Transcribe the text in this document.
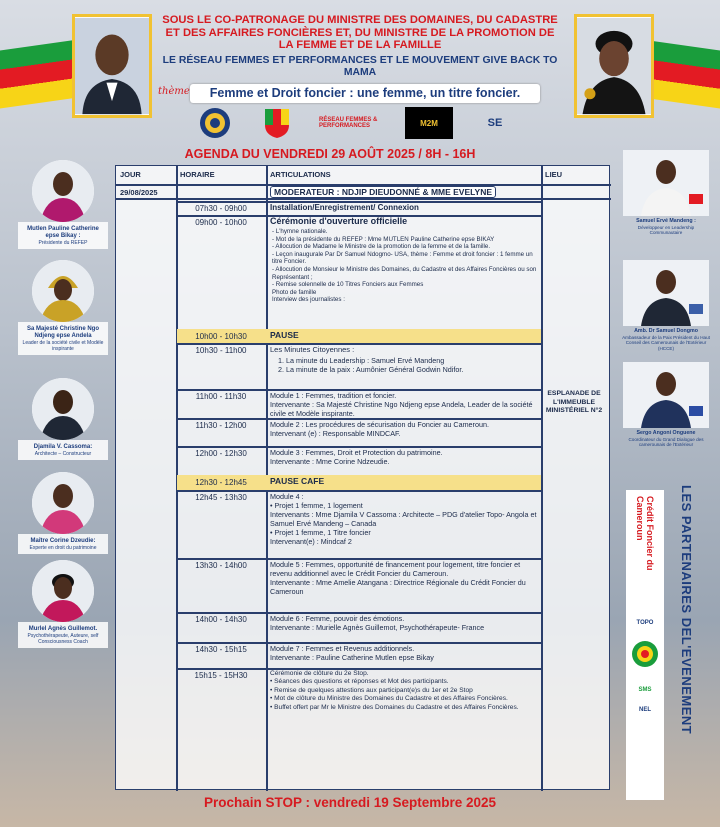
SOUS LE CO-PATRONAGE DU MINISTRE DES DOMAINES, DU CADASTRE ET DES AFFAIRES FONCIÈRES ET, DU MINISTRE DE LA PROMOTION DE LA FEMME ET DE LA FAMILLE
LE RÉSEAU FEMMES ET PERFORMANCES ET LE MOUVEMENT GIVE BACK TO MAMA
thème	Femme et Droit foncier : une femme, un titre foncier.
RÉSEAU FEMMES & PERFORMANCES	M2M	SE
AGENDA DU VENDREDI 29 AOÛT 2025 / 8H - 16H
JOUR	HORAIRE	ARTICULATIONS	LIEU
29/08/2025	MODERATEUR : NDJIP DIEUDONNÉ & MME EVELYNE
07h30 - 09h00	Installation/Enregistrement/ Connexion
09h00 - 10h00	Cérémonie d'ouverture officielle
- L'hymne nationale.
- Mot de la présidente du REFEP : Mme MUTLEN Pauline Catherine epse BIKAY
- Allocution de Madame le Ministre de la promotion de la femme et de la famille.
- Leçon inaugurale Par Dr Samuel Ndogmo- USA, thème : Femme et droit foncier : 1 femme un titre Foncier.
- Allocution de Monsieur le Ministre des Domaines, du Cadastre et des Affaires Foncières ou son Représentant ;
- Remise solennelle de 10 Titres Fonciers aux Femmes
Photo de famille
Interview des journalistes :
10h00 - 10h30	PAUSE
10h30 - 11h00	Les Minutes Citoyennes :
1. La minute du Leadership : Samuel Ervé Mandeng
2. La minute de la paix : Aumônier Général Godwin Ndifor.
11h00 - 11h30	Module 1 : Femmes, tradition et foncier.
Intervenante : Sa Majesté Christine Ngo Ndjeng epse Andela, Leader de la société civile et Modèle inspirante.
11h30 - 12h00	Module 2 : Les procédures de sécurisation du Foncier au Cameroun.
Intervenant (e) : Responsable MINDCAF.
12h00 - 12h30	Module 3 : Femmes, Droit et Protection du patrimoine.
Intervenante : Mme Corine Ndzeudie.
12h30 - 12h45	PAUSE CAFE
12h45 - 13h30	Module 4 :
• Projet 1 femme, 1 logement
Intervenants : Mme Djamila V Cassoma : Architecte – PDG d'atelier Topo- Angola et Samuel Ervé Mandeng – Canada
• Projet 1 femme, 1 Titre foncier
Intervenant(e) : Mindcaf 2
13h30 - 14h00	Module 5 : Femmes, opportunité de financement pour logement, titre foncier et revenu additionnel avec le Crédit Foncier du Cameroun.
Intervenante : Mme Amelie Atangana : Directrice Régionale du Crédit Foncier du Cameroun
14h00 - 14h30	Module 6 : Femme, pouvoir des émotions.
Intervenante : Murielle Agnès Guillemot, Psychothérapeute- France
14h30 - 15h15	Module 7 : Femmes et Revenus additionnels.
Intervenante : Pauline Catherine Mutlen epse Bikay
15h15 - 15H30	Cérémonie de clôture du 2e Stop.
• Séances des questions et réponses et Mot des participants.
• Remise de quelques attestions aux participant(e)s du 1er et 2e Stop
• Mot de clôture du Ministre des Domaines du Cadastre et des Affaires Foncières.
• Buffet offert par Mr le Ministre des Domaines du Cadastre et des Affaires Foncières.
ESPLANADE DE L'IMMEUBLE MINISTÉRIEL N°2
Mutlen Pauline Catherine epse Bikay :
Présidente du REFEP
Sa Majesté Christine Ngo Ndjeng epse Andela
Leader de la société civile et Modèle inspirante
Djamila V. Cassoma:
Architecte – Constructeur
Maître Corine Dzeudie:
Experte en droit du patrimoine
Murlel Agnès Guillemot.
Psychothérapeute, Auteure, self Consciousness Coach
Samuel Ervé Mandeng :
Développeur en Leadership Communautaire
Amb. Dr Samuel Dongmo
Ambassadeur de la Paix Président du Haut Conseil des Camerounais de l'Extérieur (HCCE)
Sergo Angoni Onguene
Coordinateur du Grand Dialogue des camerounais de l'Extérieur
Crédit Foncier du Cameroun
TOPO
SMS
NEL LES PARTENAIRES DEL'EVENEMENT
Prochain STOP : vendredi 19 Septembre 2025
